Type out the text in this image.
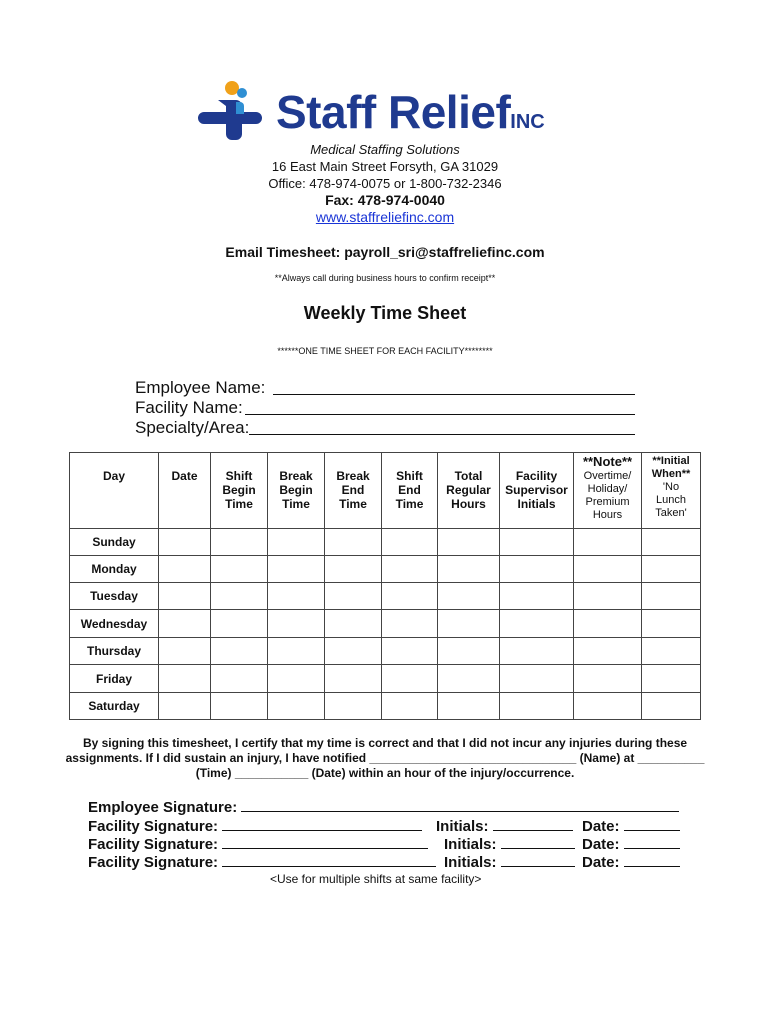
Staff ReliefINC
Medical Staffing Solutions
16 East Main Street Forsyth, GA 31029
Office: 478-974-0075 or 1-800-732-2346
Fax: 478-974-0040
www.staffreliefinc.com
Email Timesheet: payroll_sri@staffreliefinc.com
**Always call during business hours to confirm receipt**
Weekly Time Sheet
******ONE TIME SHEET FOR EACH FACILITY********
Employee Name:
Facility Name:
Specialty/Area:
Day	Date	Shift
Begin
Time	Break
Begin
Time	Break
End
Time	Shift
End
Time	Total
Regular
Hours	Facility
Supervisor
Initials	**Note**
Overtime/
Holiday/
Premium
Hours	**Initial
When**
'No
Lunch
Taken'
Sunday									
Monday									
Tuesday									
Wednesday									
Thursday									
Friday									
Saturday									
By signing this timesheet, I certify that my time is correct and that I did not incur any injuries during these
assignments. If I did sustain an injury, I have notified _______________________________ (Name) at __________
(Time) ___________ (Date) within an hour of the injury/occurrence.
Employee Signature:
Facility Signature:	Initials:	Date:
Facility Signature:	Initials:	Date:
Facility Signature:	Initials:	Date:
<Use for multiple shifts at same facility>
